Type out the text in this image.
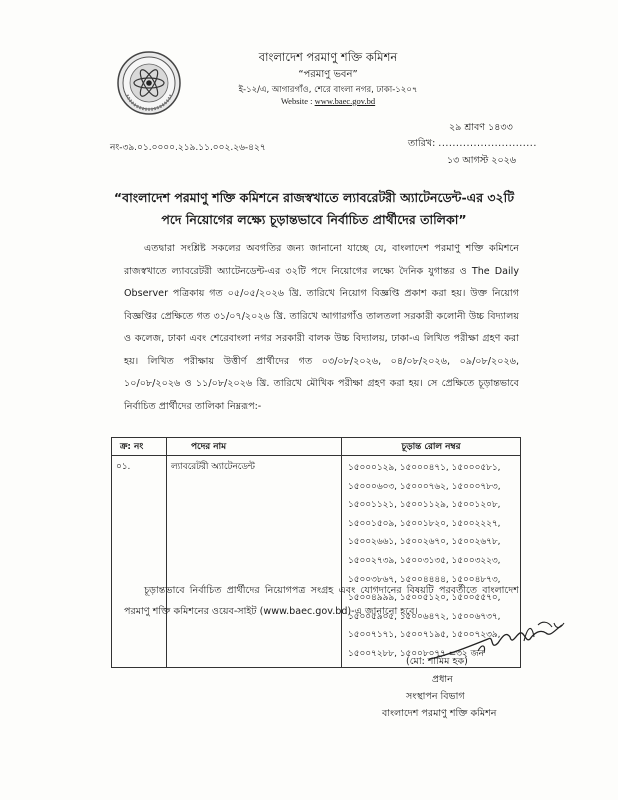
বাংলাদেশ পরমাণু শক্তি কমিশন
“পরমাণু ভবন”
ই-১২/এ, আগারগাঁও, শেরে বাংলা নগর, ঢাকা-১২০৭
Website : www.baec.gov.bd
২৯ শ্রাবণ ১৪৩৩
নং-৩৯.০১.০০০০.২১৯.১১.০০২.২৬-৪২৭	তারিখ: ............................
১৩ আগস্ট ২০২৬
“বাংলাদেশ পরমাণু শক্তি কমিশনে রাজস্বখাতে ল্যাবরেটরী অ্যাটেনডেন্ট-এর ৩২টি পদে নিয়োগের লক্ষ্যে চূড়ান্তভাবে নির্বাচিত প্রার্থীদের তালিকা”
এতদ্বারা সংশ্লিষ্ট সকলের অবগতির জন্য জানানো যাচ্ছে যে, বাংলাদেশ পরমাণু শক্তি কমিশনে রাজস্বখাতে ল্যাবরেটরী অ্যাটেনডেন্ট-এর ৩২টি পদে নিয়োগের লক্ষ্যে দৈনিক যুগান্তর ও The Daily Observer পত্রিকায় গত ০৫/০৫/২০২৬ খ্রি. তারিখে নিয়োগ বিজ্ঞপ্তি প্রকাশ করা হয়। উক্ত নিয়োগ বিজ্ঞপ্তির প্রেক্ষিতে গত ৩১/০৭/২০২৬ খ্রি. তারিখে আগারগাঁও তালতলা সরকারী কলোনী উচ্চ বিদ্যালয় ও কলেজ, ঢাকা এবং শেরেবাংলা নগর সরকারী বালক উচ্চ বিদ্যালয়, ঢাকা-এ লিখিত পরীক্ষা গ্রহণ করা হয়। লিখিত পরীক্ষায় উত্তীর্ণ প্রার্থীদের গত ০৩/০৮/২০২৬, ০৪/০৮/২০২৬, ০৯/০৮/২০২৬, ১০/০৮/২০২৬ ও ১১/০৮/২০২৬ খ্রি. তারিখে মৌখিক পরীক্ষা গ্রহণ করা হয়। সে প্রেক্ষিতে চূড়ান্তভাবে নির্বাচিত প্রার্থীদের তালিকা নিম্নরূপ:-
ক্র: নং	পদের নাম	চূড়ান্ত রোল নম্বর
০১.	ল্যাবরেটরী অ্যাটেনডেন্ট	১৫০০০১২৯, ১৫০০০৪৭১, ১৫০০০৫৮১, ১৫০০০৬০৩, ১৫০০০৭৬২, ১৫০০০৭৮৩, ১৫০০১১২১, ১৫০০১১২৯, ১৫০০১২০৮, ১৫০০১৫০৯, ১৫০০১৮২০, ১৫০০২২২৭, ১৫০০২৬৬১, ১৫০০২৬৭০, ১৫০০২৬৭৮, ১৫০০২৭৩৯, ১৫০০৩১৩৫, ১৫০০৩২২৩, ১৫০০৩৮৬৭, ১৫০০৪৪৪৪, ১৫০০৪৮৭৩, ১৫০০৪৯৯৯, ১৫০০৫১২০, ১৫০০৫৫৭০, ১৫০০৫৯০৫, ১৫০০৬৪৭২, ১৫০০৬৭৩৭, ১৫০০৭১৭১, ১৫০০৭১৯৫, ১৫০০৭২৩৯, ১৫০০৭২৮৮, ১৫০০৮০৭৭ =৩২ জন
চূড়ান্তভাবে নির্বাচিত প্রার্থীদের নিয়োগপত্র সংগ্রহ এবং যোগদানের বিষয়টি পরবর্তীতে বাংলাদেশ পরমাণু শক্তি কমিশনের ওয়েব-সাইট (www.baec.gov.bd)-এ জানানো হবে।
(মো: শামিম হক)
প্রধান
সংস্থাপন বিভাগ
বাংলাদেশ পরমাণু শক্তি কমিশন
